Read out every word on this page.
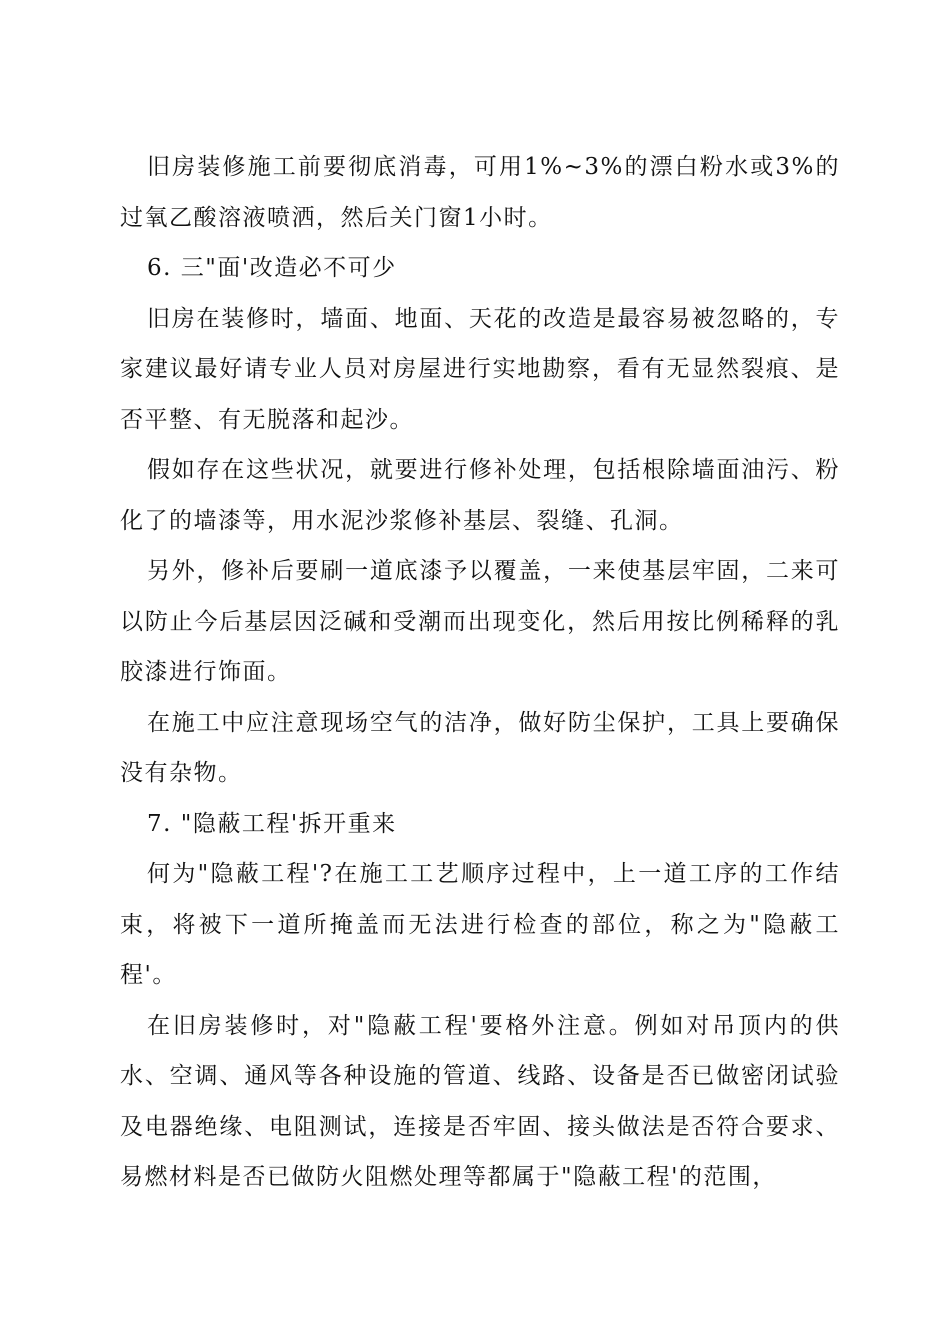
旧房装修施工前要彻底消毒，可用1%~3%的漂白粉水或3%的过氧乙酸溶液喷洒，然后关门窗1小时。

6. 三"面'改造必不可少

旧房在装修时，墙面、地面、天花的改造是最容易被忽略的，专家建议最好请专业人员对房屋进行实地勘察，看有无显然裂痕、是否平整、有无脱落和起沙。

假如存在这些状况，就要进行修补处理，包括根除墙面油污、粉化了的墙漆等，用水泥沙浆修补基层、裂缝、孔洞。

另外，修补后要刷一道底漆予以覆盖，一来使基层牢固，二来可以防止今后基层因泛碱和受潮而出现变化，然后用按比例稀释的乳胶漆进行饰面。

在施工中应注意现场空气的洁净，做好防尘保护，工具上要确保没有杂物。

7. "隐蔽工程'拆开重来

何为"隐蔽工程'?在施工工艺顺序过程中，上一道工序的工作结束，将被下一道所掩盖而无法进行检查的部位，称之为"隐蔽工程'。

在旧房装修时，对"隐蔽工程'要格外注意。例如对吊顶内的供水、空调、通风等各种设施的管道、线路、设备是否已做密闭试验及电器绝缘、电阻测试，连接是否牢固、接头做法是否符合要求、易燃材料是否已做防火阻燃处理等都属于"隐蔽工程'的范围，
